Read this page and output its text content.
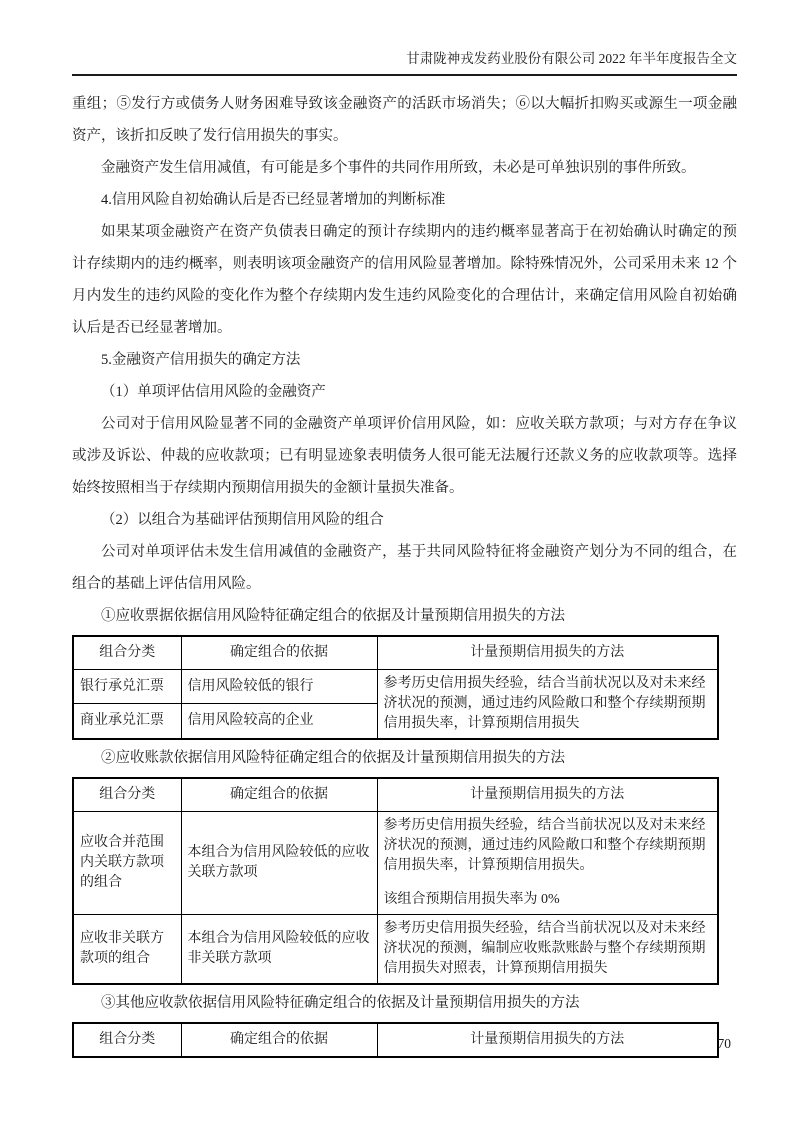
甘肃陇神戎发药业股份有限公司 2022 年半年度报告全文

重组；⑤发行方或债务人财务困难导致该金融资产的活跃市场消失；⑥以大幅折扣购买或源生一项金融资产，该折扣反映了发行信用损失的事实。

金融资产发生信用减值，有可能是多个事件的共同作用所致，未必是可单独识别的事件所致。

4.信用风险自初始确认后是否已经显著增加的判断标准

如果某项金融资产在资产负债表日确定的预计存续期内的违约概率显著高于在初始确认时确定的预计存续期内的违约概率，则表明该项金融资产的信用风险显著增加。除特殊情况外，公司采用未来 12 个月内发生的违约风险的变化作为整个存续期内发生违约风险变化的合理估计，来确定信用风险自初始确认后是否已经显著增加。

5.金融资产信用损失的确定方法

（1）单项评估信用风险的金融资产

公司对于信用风险显著不同的金融资产单项评价信用风险，如：应收关联方款项；与对方存在争议或涉及诉讼、仲裁的应收款项；已有明显迹象表明债务人很可能无法履行还款义务的应收款项等。选择始终按照相当于存续期内预期信用损失的金额计量损失准备。

（2）以组合为基础评估预期信用风险的组合

公司对单项评估未发生信用减值的金融资产，基于共同风险特征将金融资产划分为不同的组合，在组合的基础上评估信用风险。

①应收票据依据信用风险特征确定组合的依据及计量预期信用损失的方法

组合分类	确定组合的依据	计量预期信用损失的方法
银行承兑汇票	信用风险较低的银行	参考历史信用损失经验，结合当前状况以及对未来经济状况的预测，通过违约风险敞口和整个存续期预期信用损失率，计算预期信用损失
商业承兑汇票	信用风险较高的企业	

②应收账款依据信用风险特征确定组合的依据及计量预期信用损失的方法

组合分类	确定组合的依据	计量预期信用损失的方法
应收合并范围内关联方款项的组合	本组合为信用风险较低的应收关联方款项	参考历史信用损失经验，结合当前状况以及对未来经济状况的预测，通过违约风险敞口和整个存续期预期信用损失率，计算预期信用损失。
该组合预期信用损失率为 0%

应收非关联方款项的组合	本组合为信用风险较低的应收非关联方款项	参考历史信用损失经验，结合当前状况以及对未来经济状况的预测，编制应收账款账龄与整个存续期预期信用损失对照表，计算预期信用损失

③其他应收款依据信用风险特征确定组合的依据及计量预期信用损失的方法

组合分类	确定组合的依据	计量预期信用损失的方法	70
